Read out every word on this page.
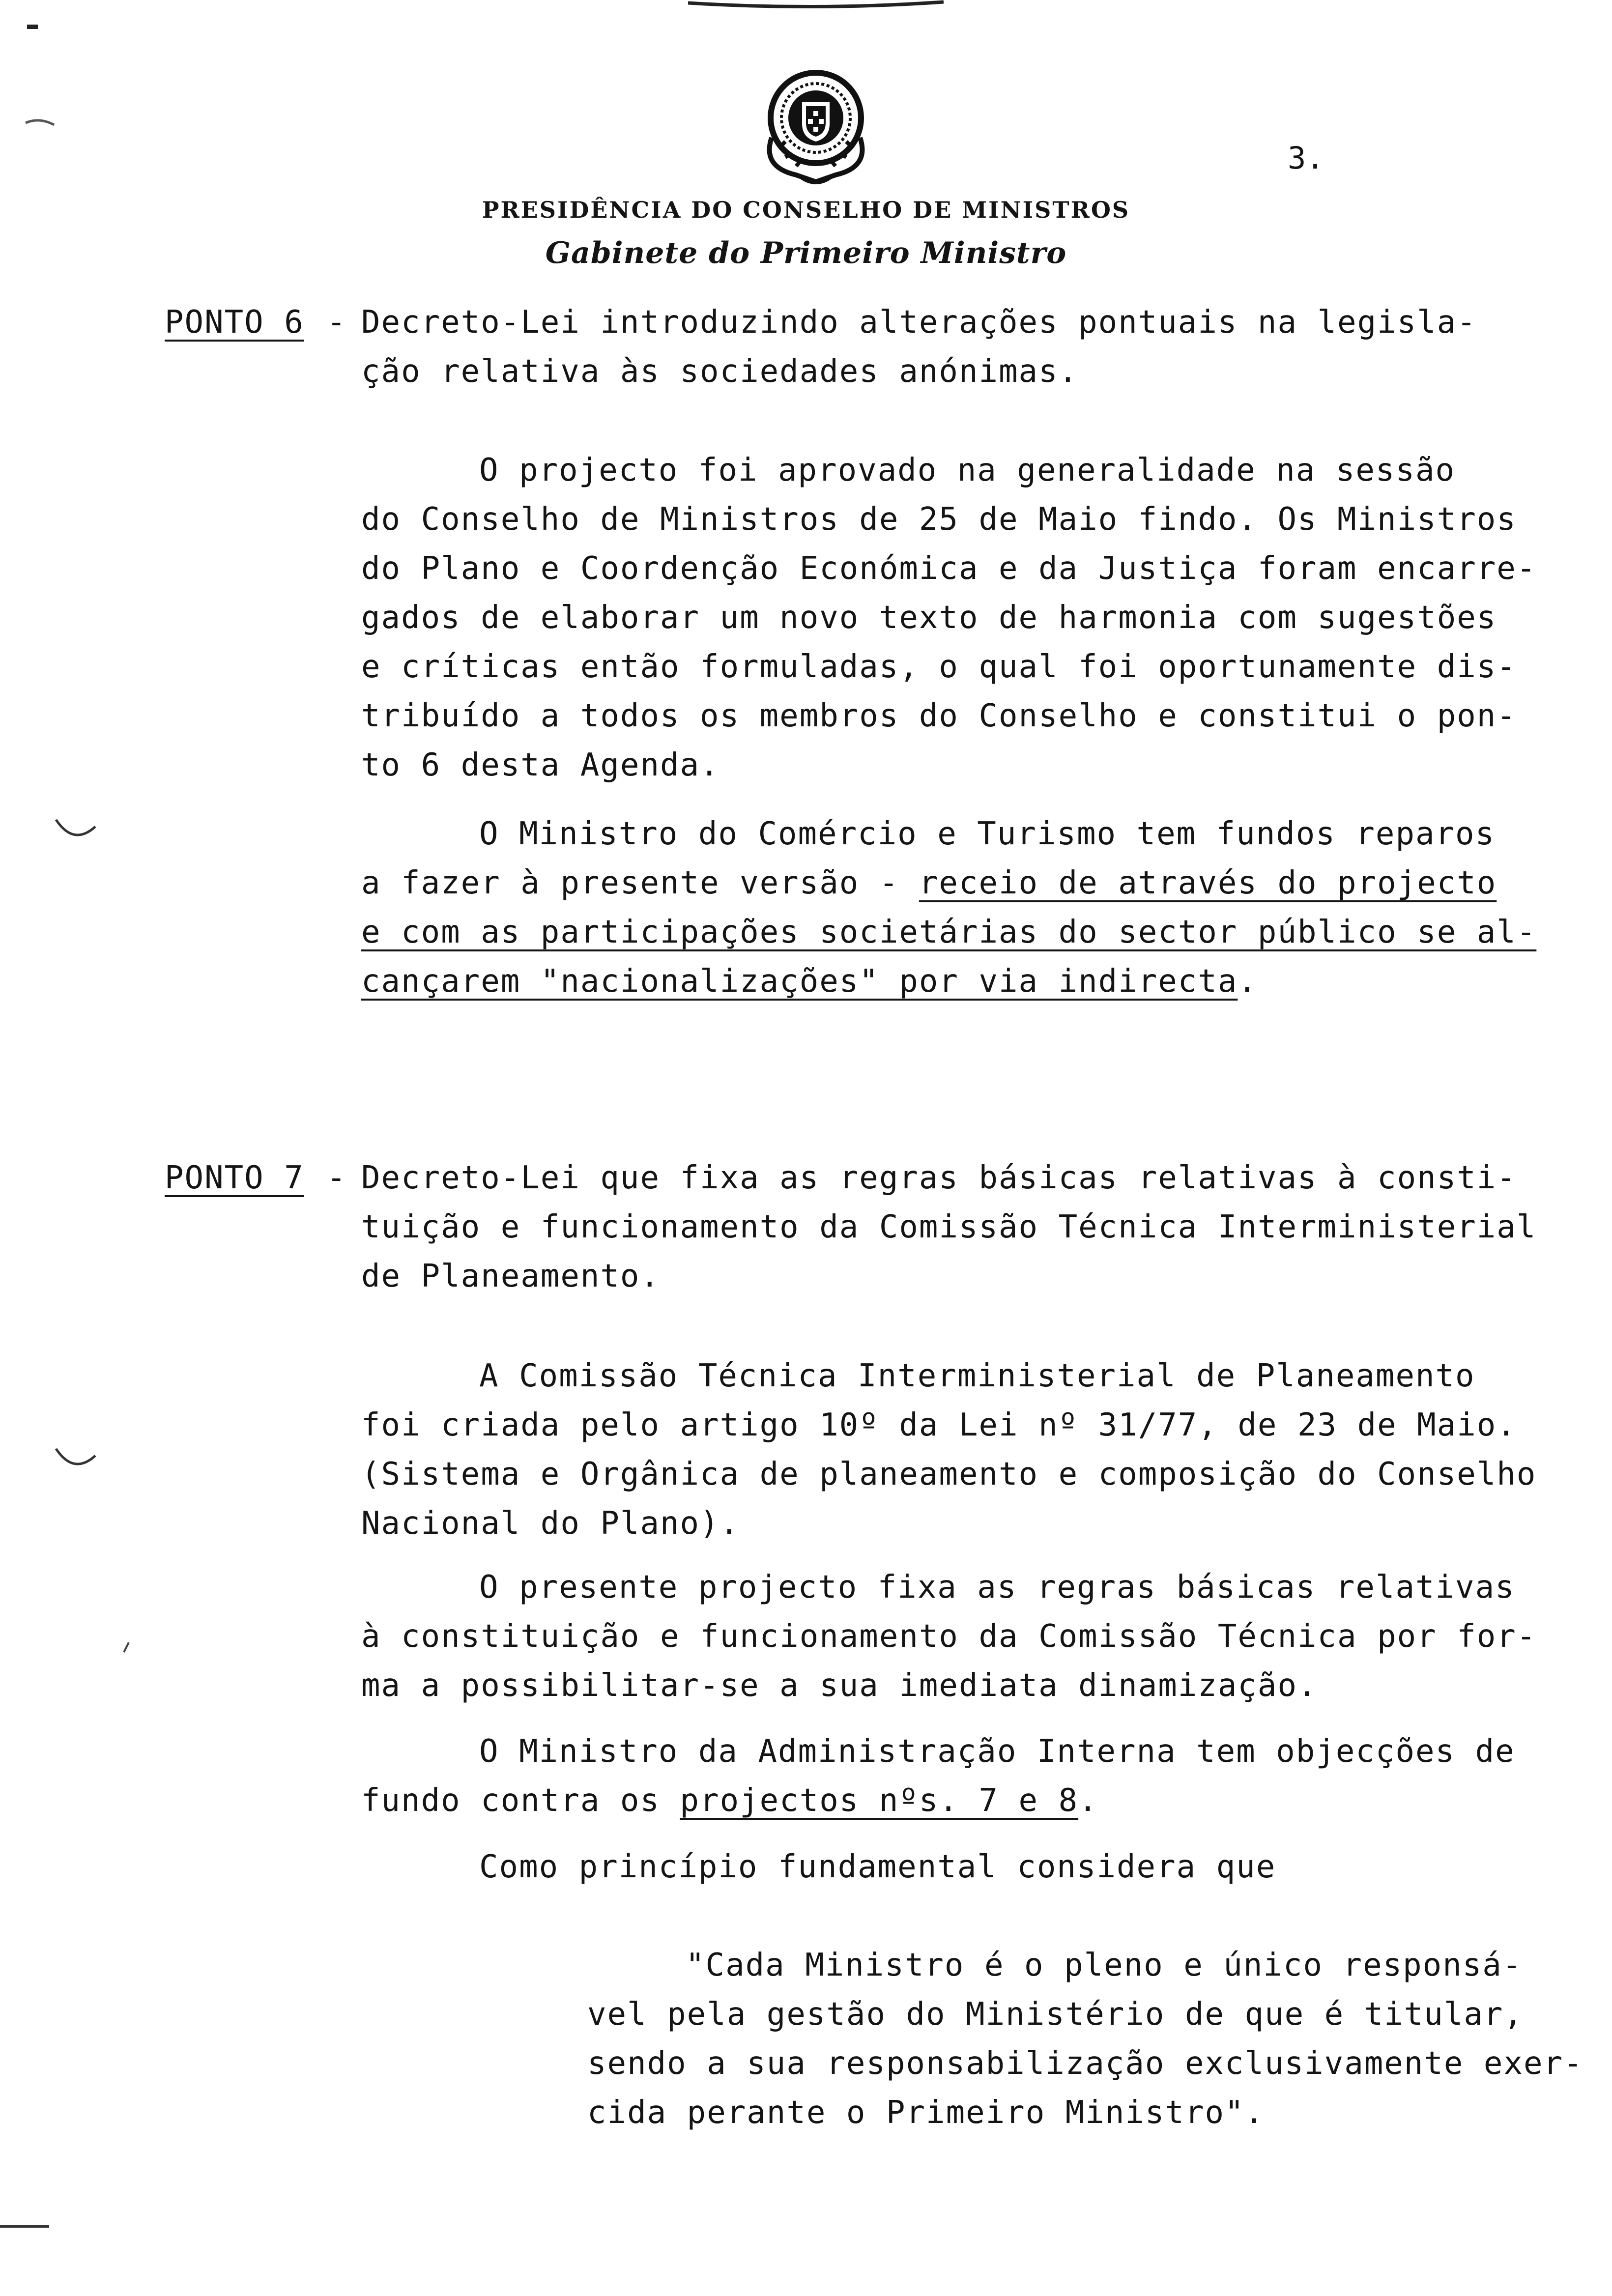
3.
PRESIDÊNCIA DO CONSELHO DE MINISTROS
Gabinete do Primeiro Ministro
PONTO 6 - Decreto-Lei introduzindo alterações pontuais na legisla-
ção relativa às sociedades anónimas.
O projecto foi aprovado na generalidade na sessão
do Conselho de Ministros de 25 de Maio findo. Os Ministros
do Plano e Coordenção Económica e da Justiça foram encarre-
gados de elaborar um novo texto de harmonia com sugestões
e críticas então formuladas, o qual foi oportunamente dis-
tribuído a todos os membros do Conselho e constitui o pon-
to 6 desta Agenda.
O Ministro do Comércio e Turismo tem fundos reparos
a fazer à presente versão - receio de através do projecto
e com as participações societárias do sector público se al-
cançarem "nacionalizações" por via indirecta.
PONTO 7 - Decreto-Lei que fixa as regras básicas relativas à consti-
tuição e funcionamento da Comissão Técnica Interministerial
de Planeamento.
A Comissão Técnica Interministerial de Planeamento
foi criada pelo artigo 10º da Lei nº 31/77, de 23 de Maio.
(Sistema e Orgânica de planeamento e composição do Conselho
Nacional do Plano).
O presente projecto fixa as regras básicas relativas
à constituição e funcionamento da Comissão Técnica por for-
ma a possibilitar-se a sua imediata dinamização.
O Ministro da Administração Interna tem objecções de
fundo contra os projectos nºs. 7 e 8.
Como princípio fundamental considera que
"Cada Ministro é o pleno e único responsá-
vel pela gestão do Ministério de que é titular,
sendo a sua responsabilização exclusivamente exer-
cida perante o Primeiro Ministro".
